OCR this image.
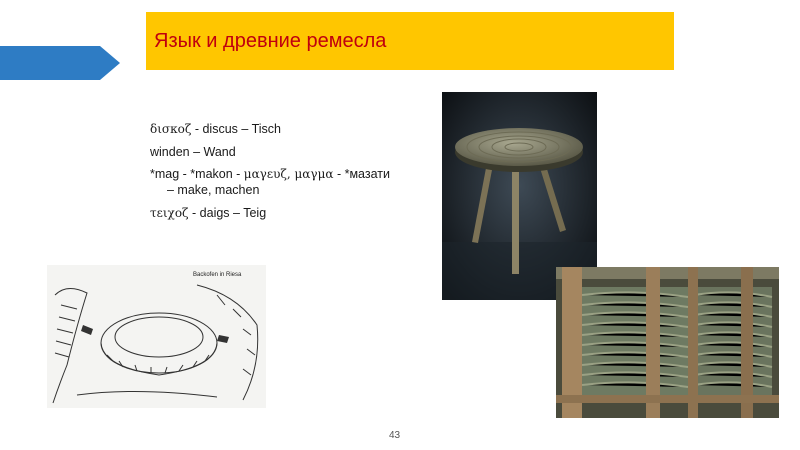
Язык и древние ремесла
δισκοζ - discus – Tisch
winden – Wand
*mag - *makon - μαγευζ, μαγμα - *мазати
– make, machen
τειχοζ - daigs – Teig
Backofen in Riesa
43
